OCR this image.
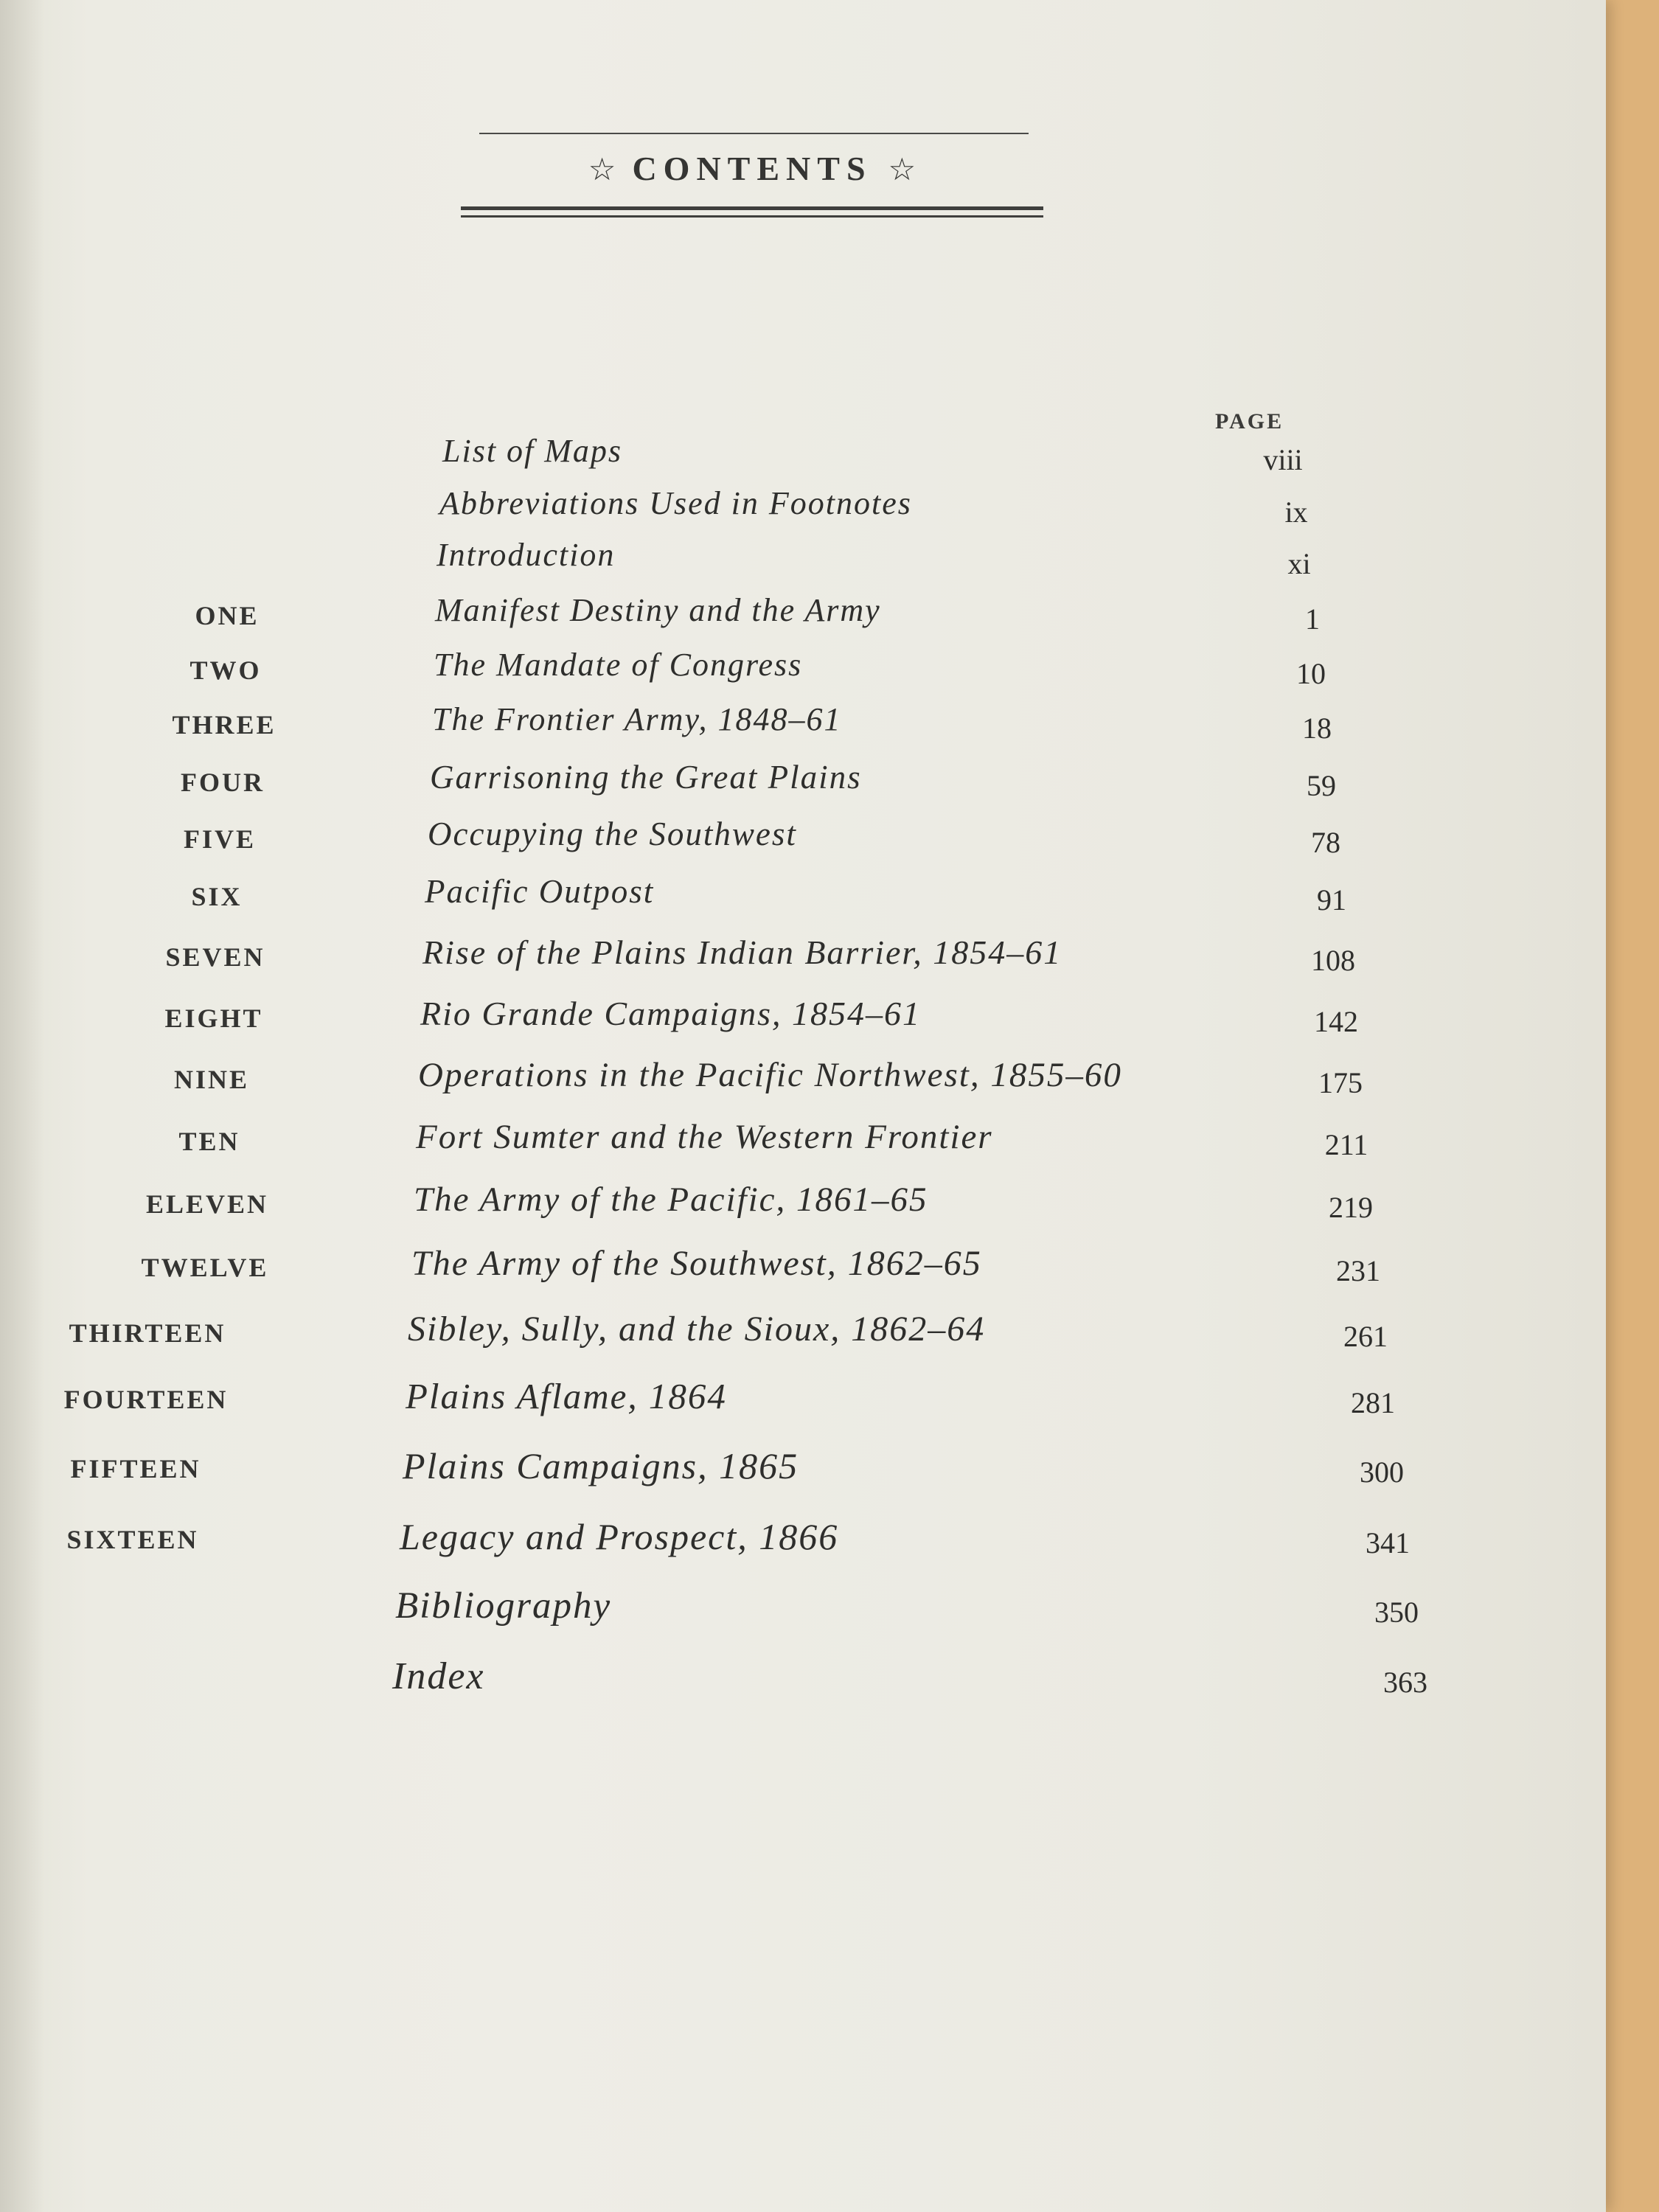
☆ CONTENTS ☆
PAGE
List of Maps	viii
Abbreviations Used in Footnotes	ix
Introduction	xi
ONE	Manifest Destiny and the Army	1
TWO	The Mandate of Congress	10
THREE	The Frontier Army, 1848–61	18
FOUR	Garrisoning the Great Plains	59
FIVE	Occupying the Southwest	78
SIX	Pacific Outpost	91
SEVEN	Rise of the Plains Indian Barrier, 1854–61	108
EIGHT	Rio Grande Campaigns, 1854–61	142
NINE	Operations in the Pacific Northwest, 1855–60	175
TEN	Fort Sumter and the Western Frontier	211
ELEVEN	The Army of the Pacific, 1861–65	219
TWELVE	The Army of the Southwest, 1862–65	231
THIRTEEN	Sibley, Sully, and the Sioux, 1862–64	261
FOURTEEN	Plains Aflame, 1864	281
FIFTEEN	Plains Campaigns, 1865	300
SIXTEEN	Legacy and Prospect, 1866	341
Bibliography	350
Index	363
